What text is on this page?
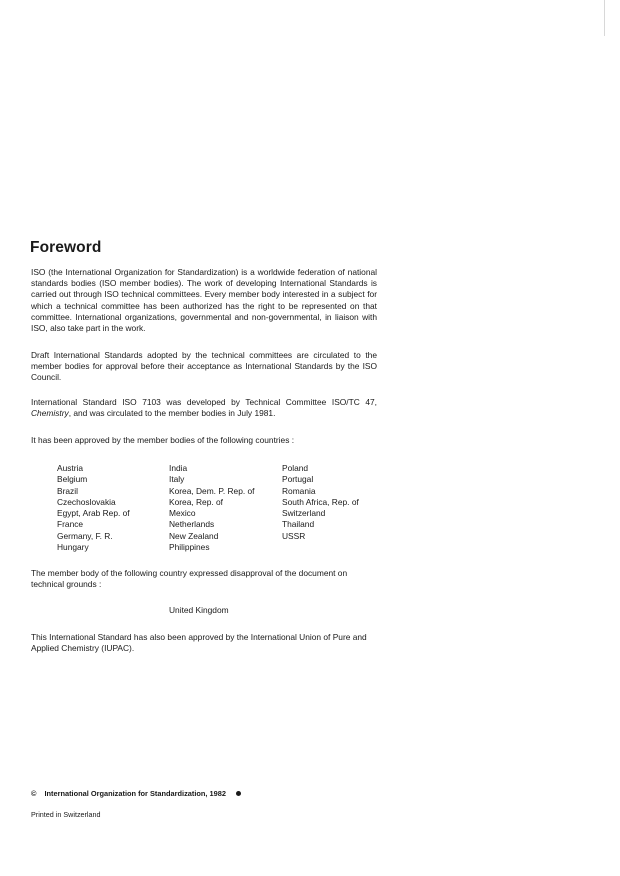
Foreword

ISO (the International Organization for Standardization) is a worldwide federation of national standards bodies (ISO member bodies). The work of developing International Standards is carried out through ISO technical committees. Every member body interested in a subject for which a technical committee has been authorized has the right to be represented on that committee. International organizations, governmental and non-governmental, in liaison with ISO, also take part in the work.

Draft International Standards adopted by the technical committees are circulated to the member bodies for approval before their acceptance as International Standards by the ISO Council.

International Standard ISO 7103 was developed by Technical Committee ISO/TC 47, Chemistry, and was circulated to the member bodies in July 1981.

It has been approved by the member bodies of the following countries :

Austria
Belgium
Brazil
Czechoslovakia
Egypt, Arab Rep. of
France
Germany, F. R.
Hungary
India
Italy
Korea, Dem. P. Rep. of
Korea, Rep. of
Mexico
Netherlands
New Zealand
Philippines
Poland
Portugal
Romania
South Africa, Rep. of
Switzerland
Thailand
USSR

The member body of the following country expressed disapproval of the document on technical grounds :

United Kingdom

This International Standard has also been approved by the International Union of Pure and Applied Chemistry (IUPAC).

© International Organization for Standardization, 1982

Printed in Switzerland
